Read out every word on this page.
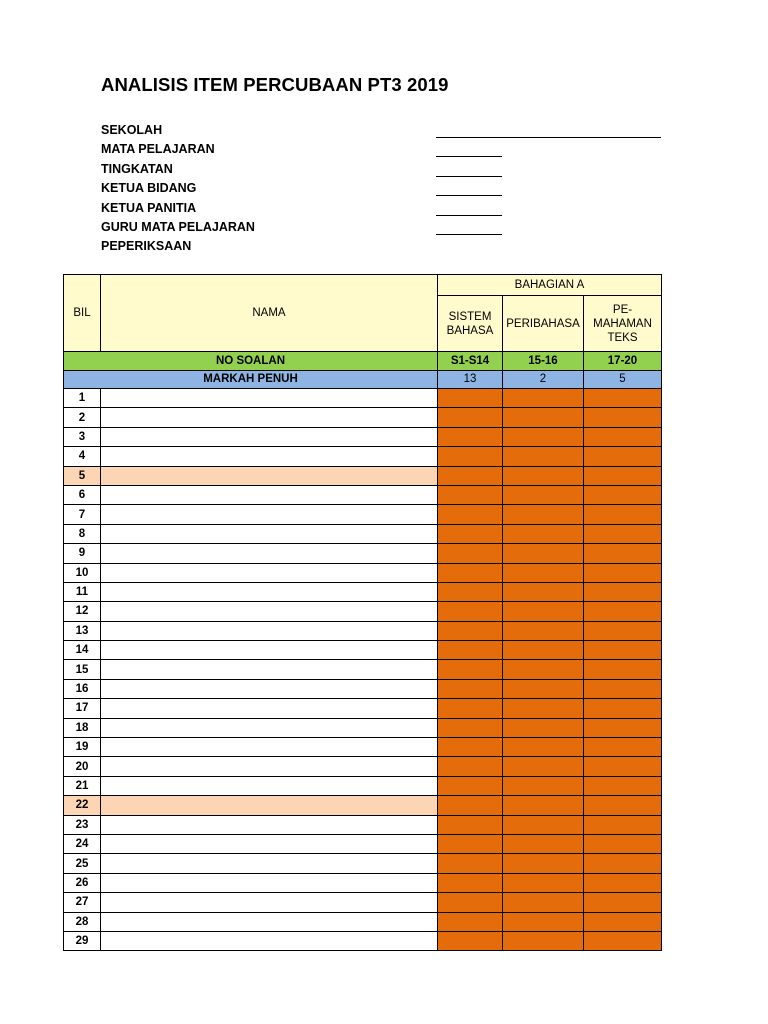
ANALISIS ITEM PERCUBAAN PT3 2019
SEKOLAH
MATA PELAJARAN
TINGKATAN
KETUA BIDANG
KETUA PANITIA
GURU MATA PELAJARAN
PEPERIKSAAN
BIL	NAMA	BAHAGIAN A		
		SISTEM BAHASA	PERIBAHASA	PE-MAHAMAN TEKS
NO SOALAN		S1-S14	15-16	17-20
MARKAH PENUH		13	2	5
1				
2				
3				
4				
5				
6				
7				
8				
9				
10				
11				
12				
13				
14				
15				
16				
17				
18				
19				
20				
21				
22				
23				
24				
25				
26				
27				
28				
29				
